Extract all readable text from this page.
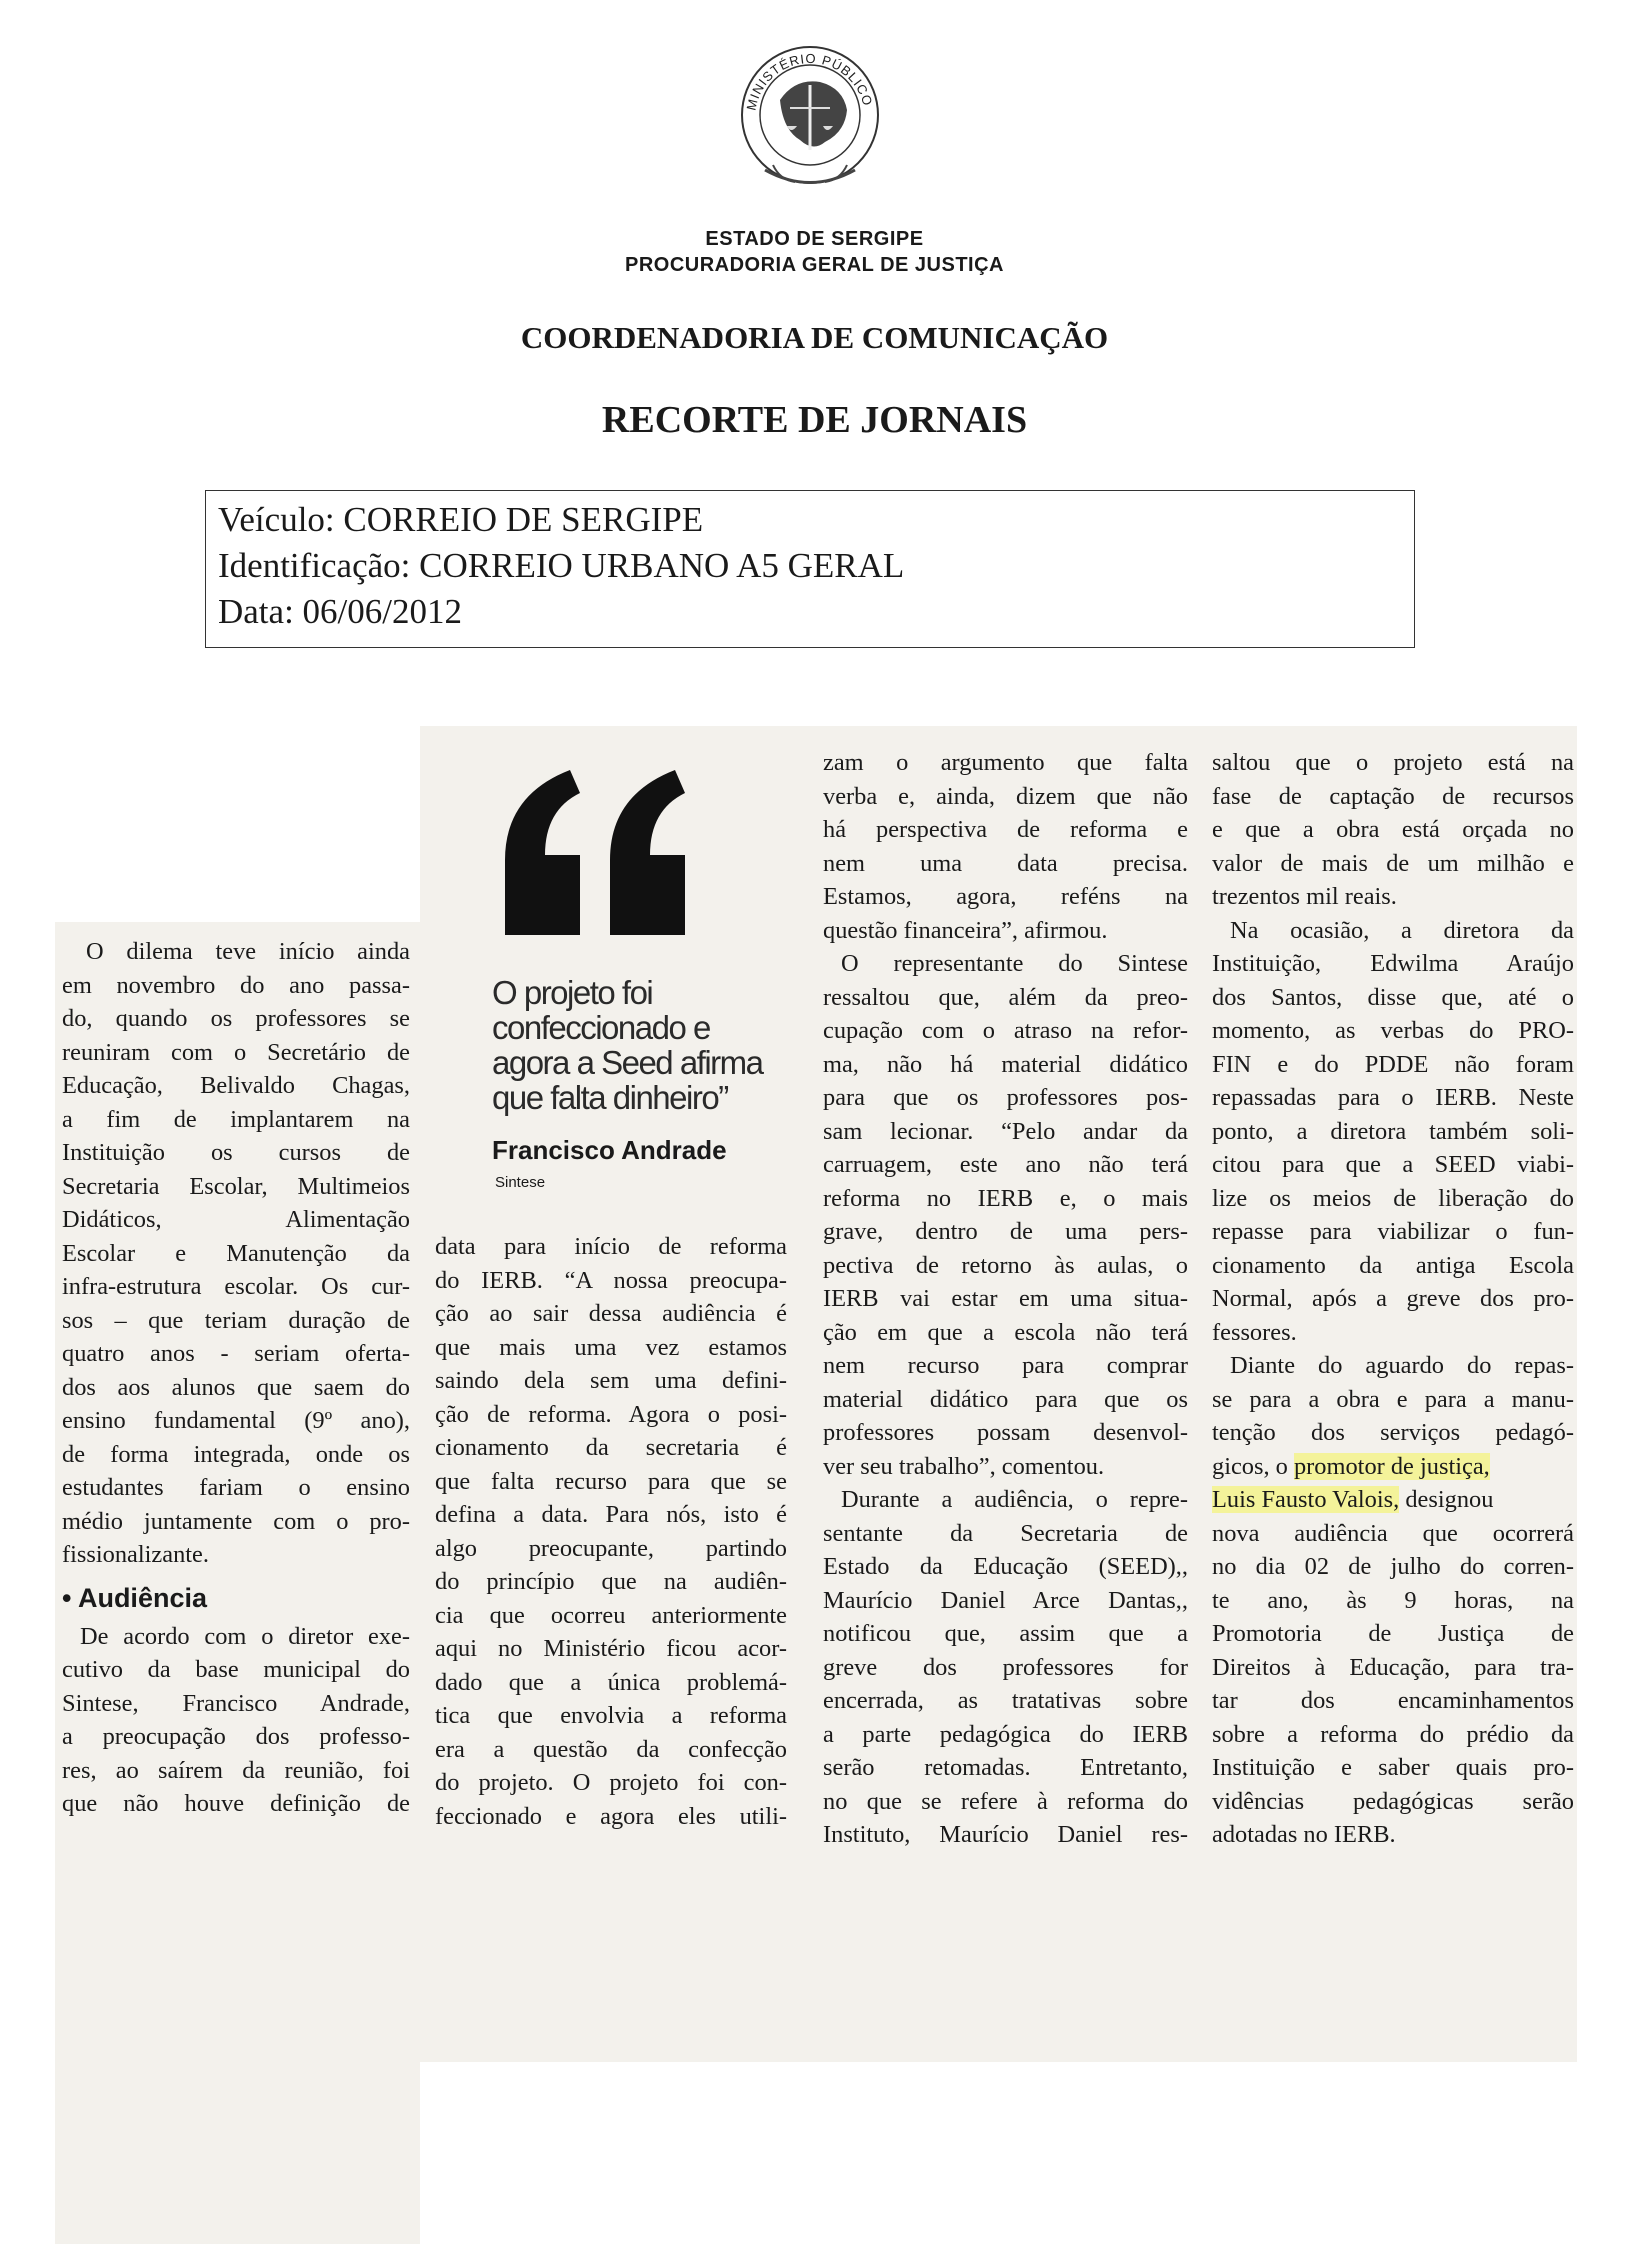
MINISTÉRIO PÚBLICO
ESTADO DE SERGIPE
PROCURADORIA GERAL DE JUSTIÇA
COORDENADORIA DE COMUNICAÇÃO
RECORTE DE JORNAIS
Veículo: CORREIO DE SERGIPE
Identificação: CORREIO URBANO A5 GERAL
Data: 06/06/2012
O projeto foi
confeccionado e
agora a Seed afirma
que falta dinheiro”
Francisco Andrade
Sintese
O dilema teve início ainda
em novembro do ano passa-
do, quando os professores se
reuniram com o Secretário de
Educação, Belivaldo Chagas,
a fim de implantarem na
Instituição os cursos de
Secretaria Escolar, Multimeios
Didáticos, Alimentação
Escolar e Manutenção da
infra-estrutura escolar. Os cur-
sos – que teriam duração de
quatro anos - seriam oferta-
dos aos alunos que saem do
ensino fundamental (9º ano),
de forma integrada, onde os
estudantes fariam o ensino
médio juntamente com o pro-
fissionalizante.
• Audiência
De acordo com o diretor exe-
cutivo da base municipal do
Sintese, Francisco Andrade,
a preocupação dos professo-
res, ao saírem da reunião, foi
que não houve definição de
data para início de reforma
do IERB. “A nossa preocupa-
ção ao sair dessa audiência é
que mais uma vez estamos
saindo dela sem uma defini-
ção de reforma. Agora o posi-
cionamento da secretaria é
que falta recurso para que se
defina a data. Para nós, isto é
algo preocupante, partindo
do princípio que na audiên-
cia que ocorreu anteriormente
aqui no Ministério ficou acor-
dado que a única problemá-
tica que envolvia a reforma
era a questão da confecção
do projeto. O projeto foi con-
feccionado e agora eles utili-
zam o argumento que falta
verba e, ainda, dizem que não
há perspectiva de reforma e
nem uma data precisa.
Estamos, agora, reféns na
questão financeira”, afirmou.
O representante do Sintese
ressaltou que, além da preo-
cupação com o atraso na refor-
ma, não há material didático
para que os professores pos-
sam lecionar. “Pelo andar da
carruagem, este ano não terá
reforma no IERB e, o mais
grave, dentro de uma pers-
pectiva de retorno às aulas, o
IERB vai estar em uma situa-
ção em que a escola não terá
nem recurso para comprar
material didático para que os
professores possam desenvol-
ver seu trabalho”, comentou.
Durante a audiência, o repre-
sentante da Secretaria de
Estado da Educação (SEED),,
Maurício Daniel Arce Dantas,,
notificou que, assim que a
greve dos professores for
encerrada, as tratativas sobre
a parte pedagógica do IERB
serão retomadas. Entretanto,
no que se refere à reforma do
Instituto, Maurício Daniel res-
saltou que o projeto está na
fase de captação de recursos
e que a obra está orçada no
valor de mais de um milhão e
trezentos mil reais.
Na ocasião, a diretora da
Instituição, Edwilma Araújo
dos Santos, disse que, até o
momento, as verbas do PRO-
FIN e do PDDE não foram
repassadas para o IERB. Neste
ponto, a diretora também soli-
citou para que a SEED viabi-
lize os meios de liberação do
repasse para viabilizar o fun-
cionamento da antiga Escola
Normal, após a greve dos pro-
fessores.
Diante do aguardo do repas-
se para a obra e para a manu-
tenção dos serviços pedagó-
gicos, o promotor de justiça,
Luis Fausto Valois, designou
nova audiência que ocorrerá
no dia 02 de julho do corren-
te ano, às 9 horas, na
Promotoria de Justiça de
Direitos à Educação, para tra-
tar dos encaminhamentos
sobre a reforma do prédio da
Instituição e saber quais pro-
vidências pedagógicas serão
adotadas no IERB.
